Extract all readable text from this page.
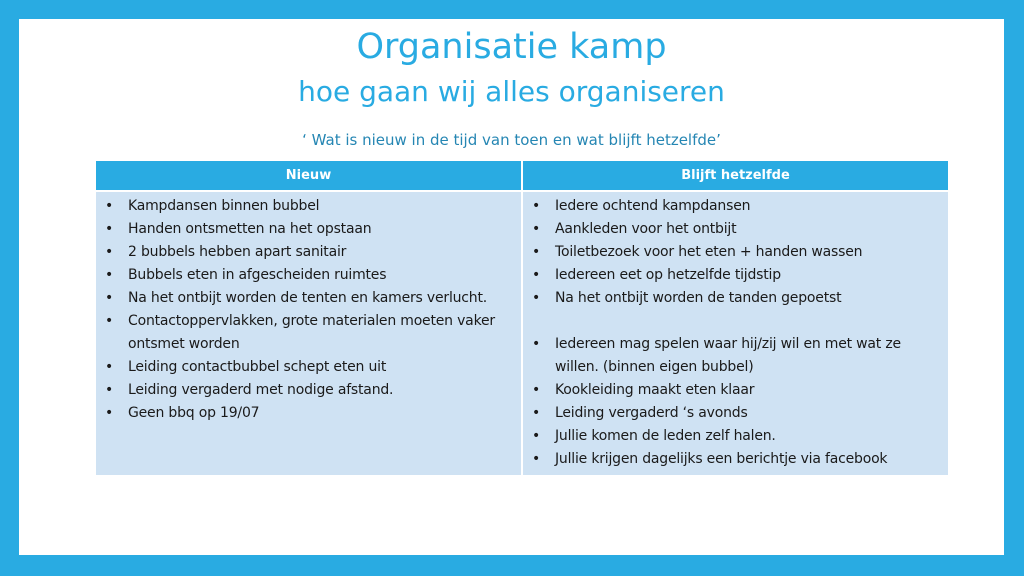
Organisatie kamp
hoe gaan wij alles organiseren
‘ Wat is nieuw in de tijd van toen en wat blijft hetzelfde’
Nieuw	Blijft hetzelfde
• Kampdansen binnen bubbel
• Handen ontsmetten na het opstaan
• 2 bubbels hebben apart sanitair
• Bubbels eten in afgescheiden ruimtes
• Na het ontbijt worden de tenten en kamers verlucht.
• Contactoppervlakken, grote materialen moeten vaker ontsmet worden
• Leiding contactbubbel schept eten uit
• Leiding vergaderd met nodige afstand.
• Geen bbq op 19/07
• Iedere ochtend kampdansen
• Aankleden voor het ontbijt
• Toiletbezoek voor het eten + handen wassen
• Iedereen eet op hetzelfde tijdstip
• Na het ontbijt worden de tanden gepoetst
• Iedereen mag spelen waar hij/zij wil en met wat ze willen. (binnen eigen bubbel)
• Kookleiding maakt eten klaar
• Leiding vergaderd ‘s avonds
• Jullie komen de leden zelf halen.
• Jullie krijgen dagelijks een berichtje via facebook
